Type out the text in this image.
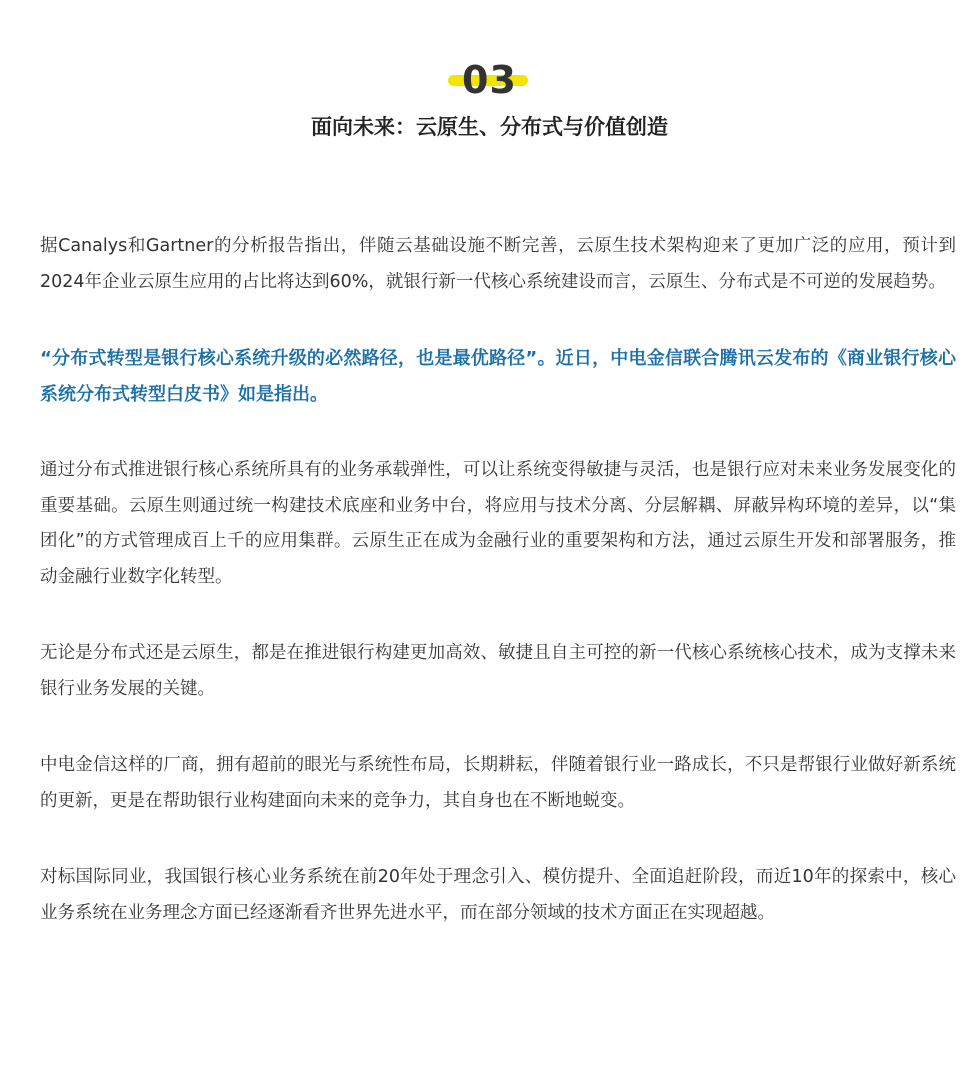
03
面向未来：云原生、分布式与价值创造

据Canalys和Gartner的分析报告指出，伴随云基础设施不断完善，云原生技术架构迎来了更加广泛的应用，预计到2024年企业云原生应用的占比将达到60%，就银行新一代核心系统建设而言，云原生、分布式是不可逆的发展趋势。

“分布式转型是银行核心系统升级的必然路径，也是最优路径”。近日，中电金信联合腾讯云发布的《商业银行核心系统分布式转型白皮书》如是指出。

通过分布式推进银行核心系统所具有的业务承载弹性，可以让系统变得敏捷与灵活，也是银行应对未来业务发展变化的重要基础。云原生则通过统一构建技术底座和业务中台，将应用与技术分离、分层解耦、屏蔽异构环境的差异，以“集团化”的方式管理成百上千的应用集群。云原生正在成为金融行业的重要架构和方法，通过云原生开发和部署服务，推动金融行业数字化转型。

无论是分布式还是云原生，都是在推进银行构建更加高效、敏捷且自主可控的新一代核心系统核心技术，成为支撑未来银行业务发展的关键。

中电金信这样的厂商，拥有超前的眼光与系统性布局，长期耕耘，伴随着银行业一路成长，不只是帮银行业做好新系统的更新，更是在帮助银行业构建面向未来的竞争力，其自身也在不断地蜕变。

对标国际同业，我国银行核心业务系统在前20年处于理念引入、模仿提升、全面追赶阶段，而近10年的探索中，核心业务系统在业务理念方面已经逐渐看齐世界先进水平，而在部分领域的技术方面正在实现超越。
